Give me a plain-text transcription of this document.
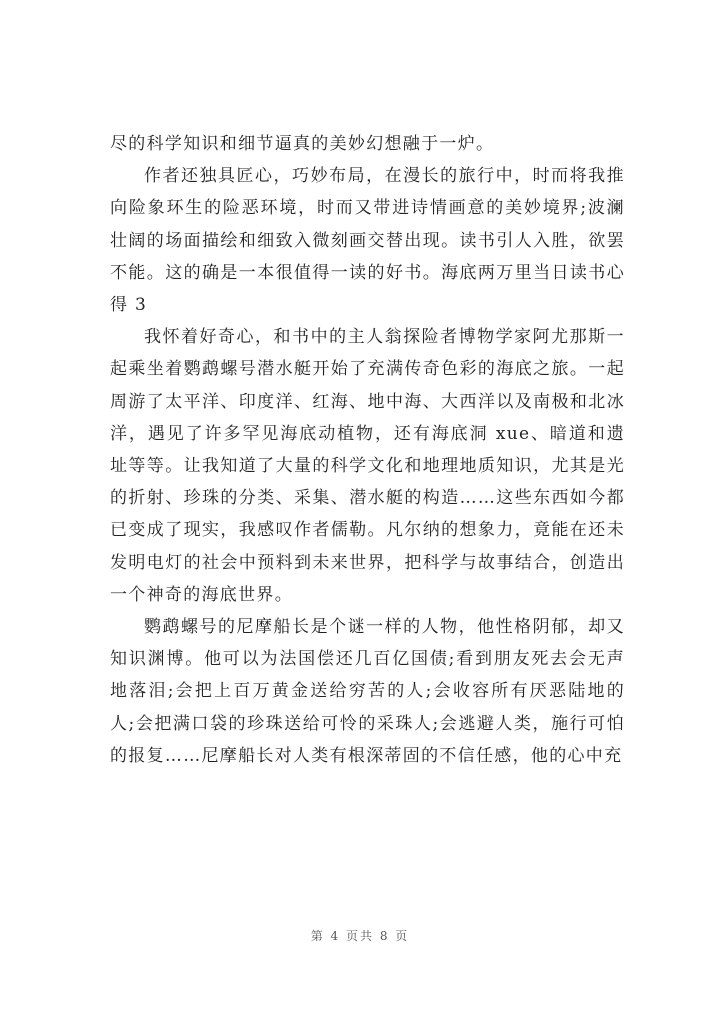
尽的科学知识和细节逼真的美妙幻想融于一炉。

作者还独具匠心，巧妙布局，在漫长的旅行中，时而将我推向险象环生的险恶环境，时而又带进诗情画意的美妙境界;波澜壮阔的场面描绘和细致入微刻画交替出现。读书引人入胜，欲罢不能。这的确是一本很值得一读的好书。海底两万里当日读书心得 3

我怀着好奇心，和书中的主人翁探险者博物学家阿尤那斯一起乘坐着鹦鹉螺号潜水艇开始了充满传奇色彩的海底之旅。一起周游了太平洋、印度洋、红海、地中海、大西洋以及南极和北冰洋，遇见了许多罕见海底动植物，还有海底洞 xue、暗道和遗址等等。让我知道了大量的科学文化和地理地质知识，尤其是光的折射、珍珠的分类、采集、潜水艇的构造……这些东西如今都已变成了现实，我感叹作者儒勒。凡尔纳的想象力，竟能在还未发明电灯的社会中预料到未来世界，把科学与故事结合，创造出一个神奇的海底世界。

鹦鹉螺号的尼摩船长是个谜一样的人物，他性格阴郁，却又知识渊博。他可以为法国偿还几百亿国债;看到朋友死去会无声地落泪;会把上百万黄金送给穷苦的人;会收容所有厌恶陆地的人;会把满口袋的珍珠送给可怜的采珠人;会逃避人类，施行可怕的报复……尼摩船长对人类有根深蒂固的不信任感，他的心中充

第 4 页共 8 页
